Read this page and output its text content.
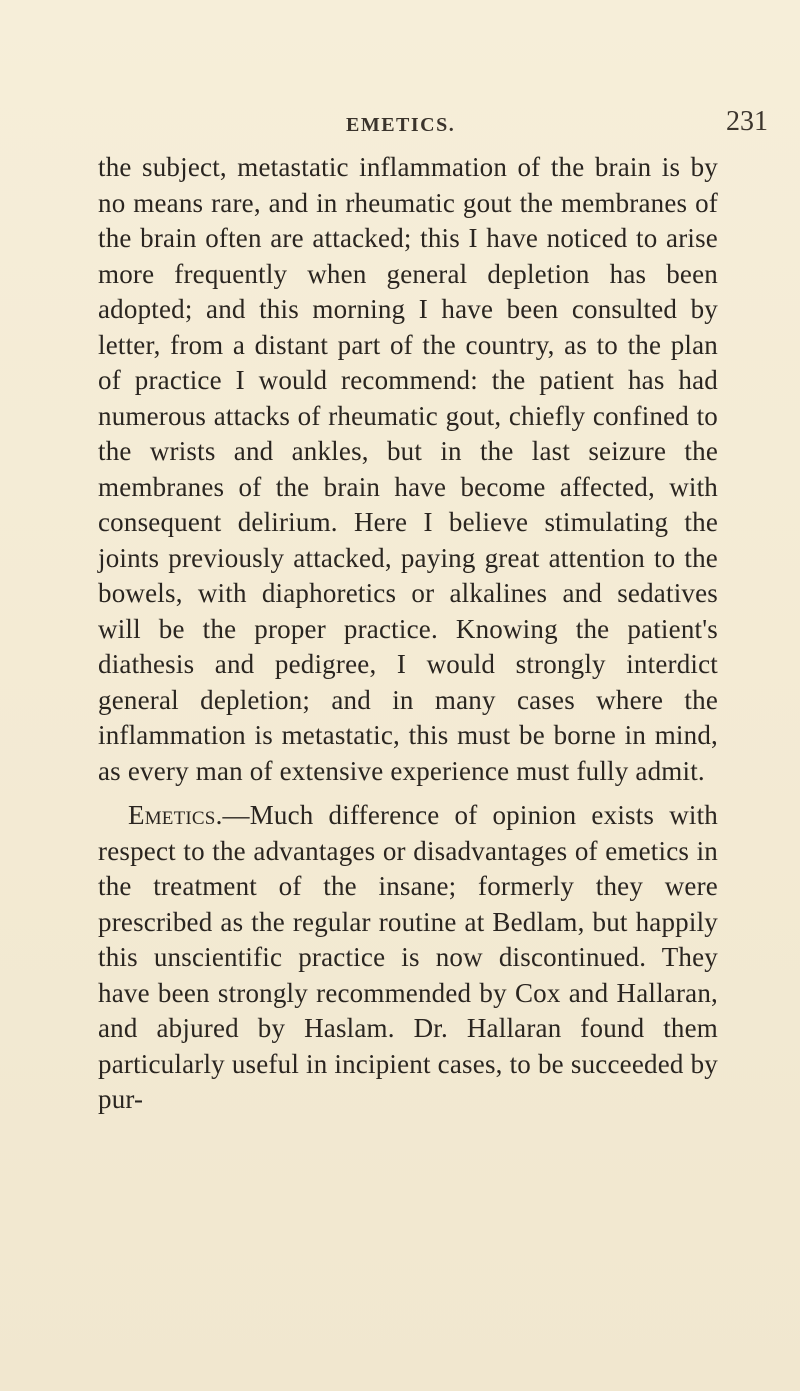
EMETICS.	231

the subject, metastatic inflammation of the brain is by no means rare, and in rheumatic gout the membranes of the brain often are attacked; this I have noticed to arise more frequently when general depletion has been adopted; and this morning I have been consulted by letter, from a distant part of the country, as to the plan of practice I would recommend: the patient has had numerous attacks of rheumatic gout, chiefly confined to the wrists and ankles, but in the last seizure the membranes of the brain have become affected, with consequent delirium. Here I believe stimulating the joints previously attacked, paying great attention to the bowels, with diaphoretics or alkalines and sedatives will be the proper practice. Knowing the patient's diathesis and pedigree, I would strongly interdict general depletion; and in many cases where the inflammation is metastatic, this must be borne in mind, as every man of extensive experience must fully admit.

Emetics.—Much difference of opinion exists with respect to the advantages or disadvantages of emetics in the treatment of the insane; formerly they were prescribed as the regular routine at Bedlam, but happily this unscientific practice is now discontinued. They have been strongly recommended by Cox and Hallaran, and abjured by Haslam. Dr. Hallaran found them particularly useful in incipient cases, to be succeeded by pur-
